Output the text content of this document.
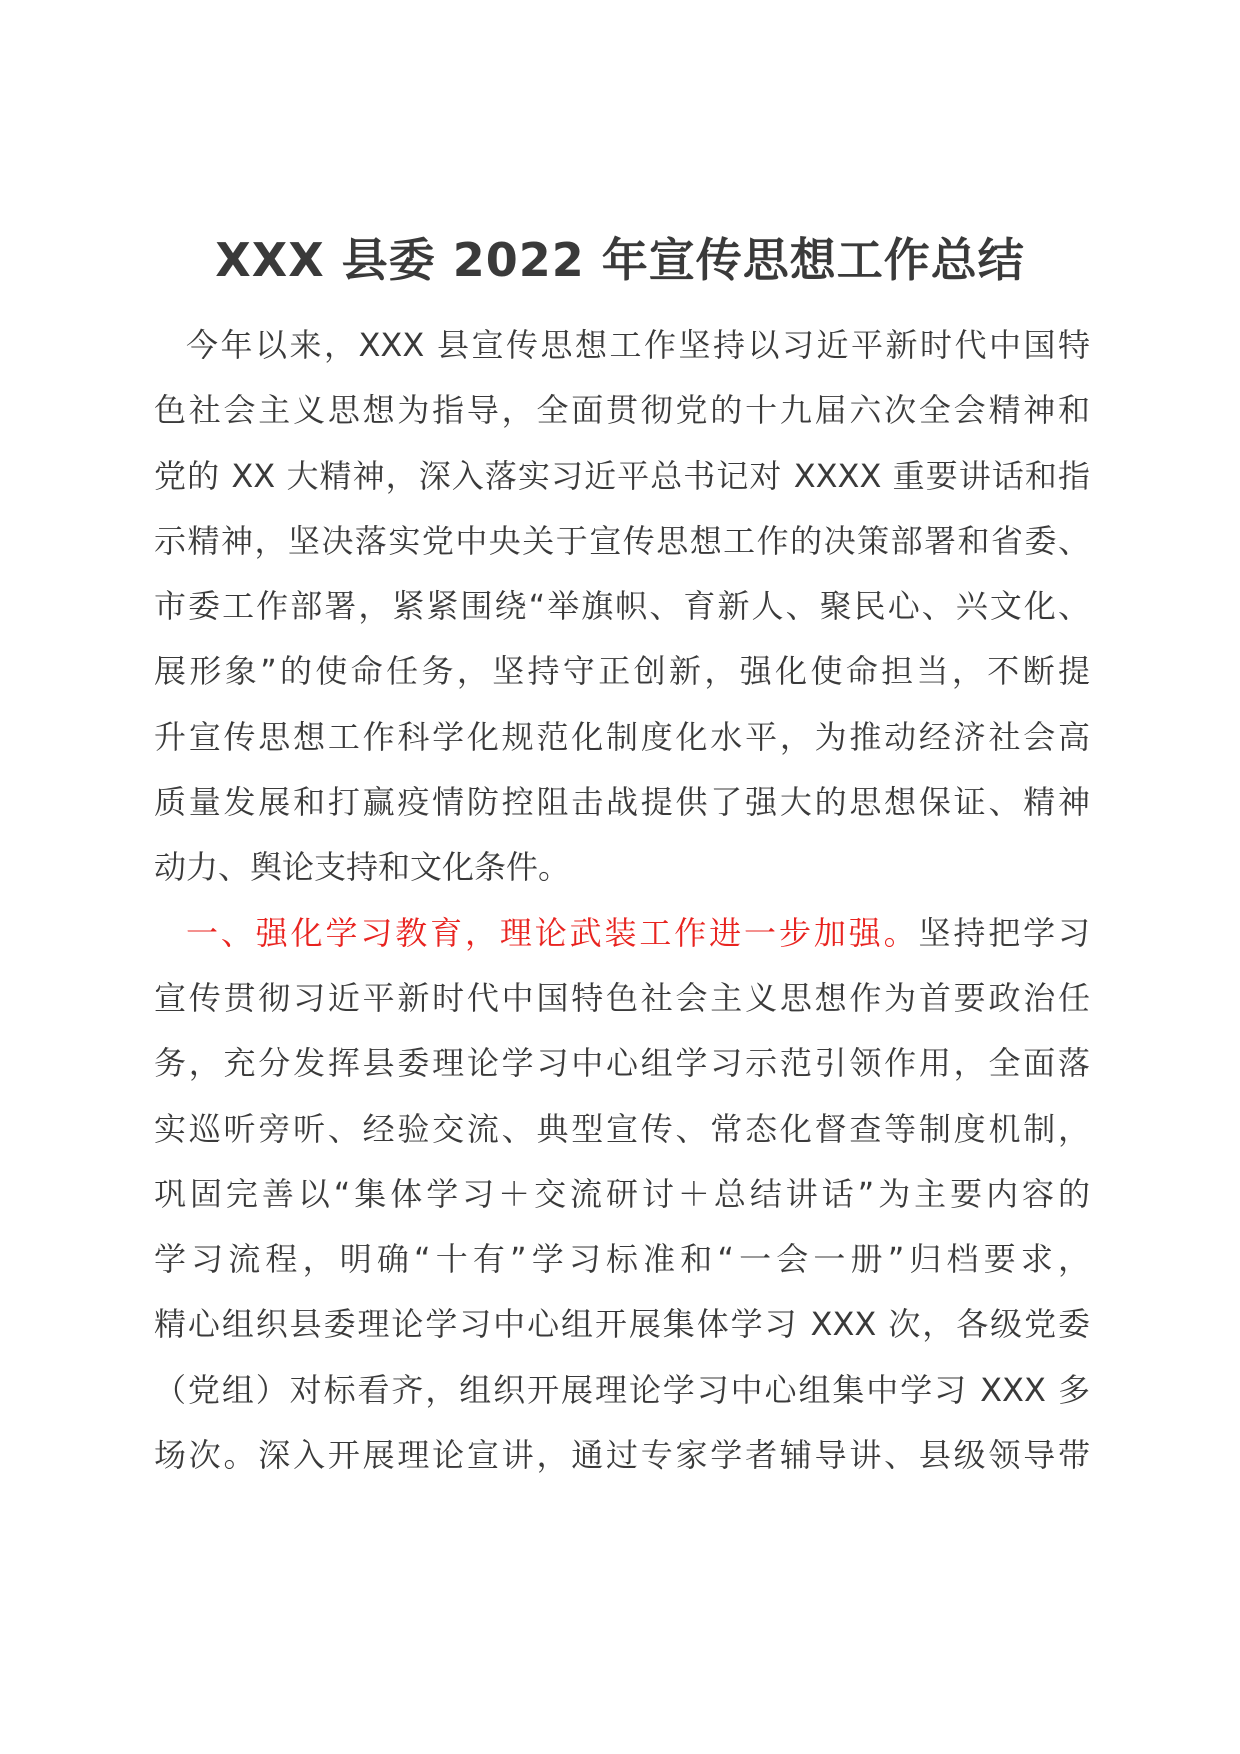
XXX 县委 2022 年宣传思想工作总结
今年以来，XXX 县宣传思想工作坚持以习近平新时代中国特
色社会主义思想为指导，全面贯彻党的十九届六次全会精神和
党的 XX 大精神，深入落实习近平总书记对 XXXX 重要讲话和指
示精神，坚决落实党中央关于宣传思想工作的决策部署和省委、
市委工作部署，紧紧围绕“举旗帜、育新人、聚民心、兴文化、
展形象”的使命任务，坚持守正创新，强化使命担当，不断提
升宣传思想工作科学化规范化制度化水平，为推动经济社会高
质量发展和打赢疫情防控阻击战提供了强大的思想保证、精神
动力、舆论支持和文化条件。
一、强化学习教育，理论武装工作进一步加强。坚持把学习
宣传贯彻习近平新时代中国特色社会主义思想作为首要政治任
务，充分发挥县委理论学习中心组学习示范引领作用，全面落
实巡听旁听、经验交流、典型宣传、常态化督查等制度机制，
巩固完善以“集体学习＋交流研讨＋总结讲话”为主要内容的
学习流程，明确“十有”学习标准和“一会一册”归档要求，
精心组织县委理论学习中心组开展集体学习 XXX 次，各级党委
（党组）对标看齐，组织开展理论学习中心组集中学习 XXX 多
场次。深入开展理论宣讲，通过专家学者辅导讲、县级领导带
